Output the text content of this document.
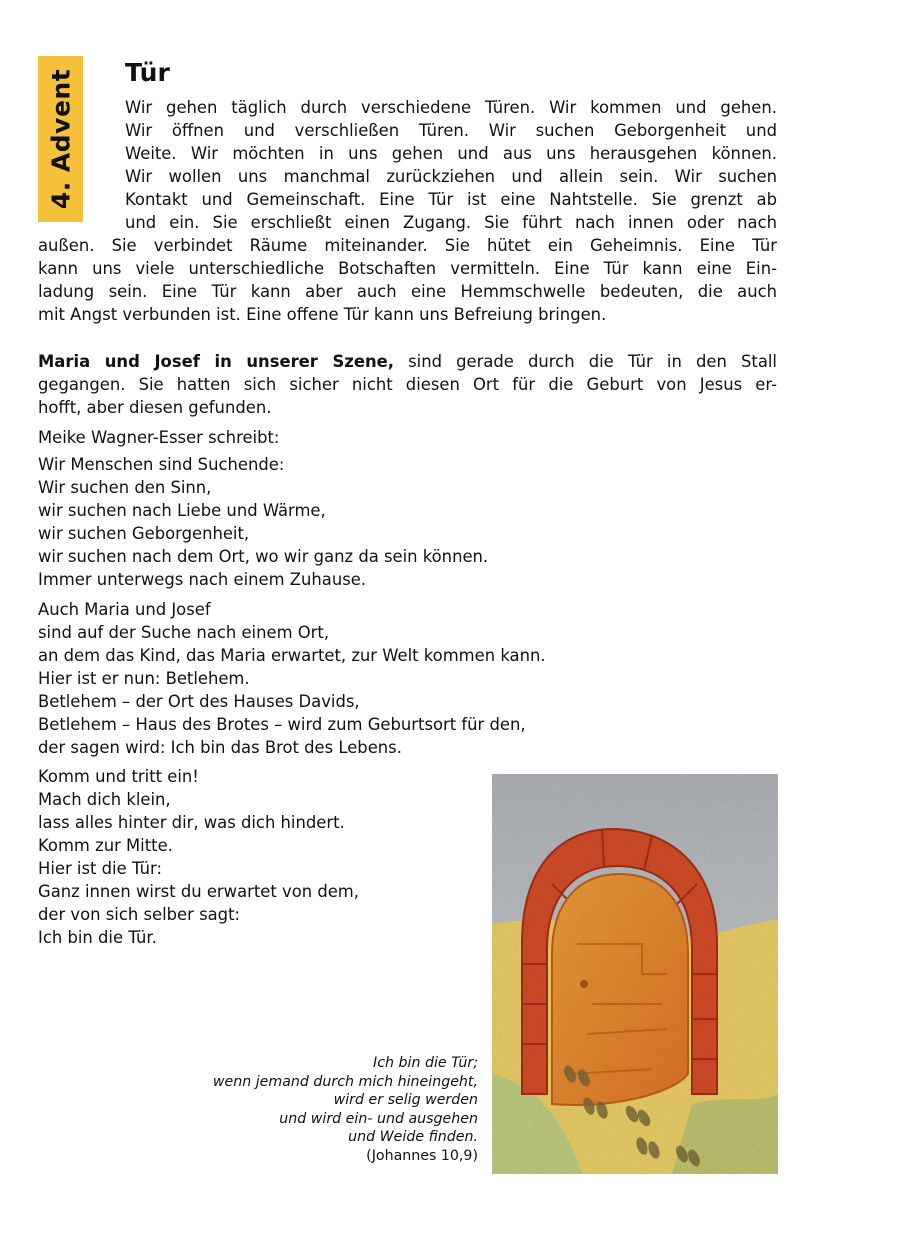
4. Advent Tür

Wir gehen täglich durch verschiedene Türen. Wir kommen und gehen.
Wir öffnen und verschließen Türen. Wir suchen Geborgenheit und
Weite. Wir möchten in uns gehen und aus uns herausgehen können.
Wir wollen uns manchmal zurückziehen und allein sein. Wir suchen
Kontakt und Gemeinschaft. Eine Tür ist eine Nahtstelle. Sie grenzt ab
und ein. Sie erschließt einen Zugang. Sie führt nach innen oder nach
außen. Sie verbindet Räume miteinander. Sie hütet ein Geheimnis. Eine Tür
kann uns viele unterschiedliche Botschaften vermitteln. Eine Tür kann eine Ein-
ladung sein. Eine Tür kann aber auch eine Hemmschwelle bedeuten, die auch
mit Angst verbunden ist. Eine offene Tür kann uns Befreiung bringen.

Maria und Josef in unserer Szene, sind gerade durch die Tür in den Stall
gegangen. Sie hatten sich sicher nicht diesen Ort für die Geburt von Jesus er-
hofft, aber diesen gefunden.

Meike Wagner-Esser schreibt:

Wir Menschen sind Suchende:
Wir suchen den Sinn,
wir suchen nach Liebe und Wärme,
wir suchen Geborgenheit,
wir suchen nach dem Ort, wo wir ganz da sein können.
Immer unterwegs nach einem Zuhause.

Auch Maria und Josef
sind auf der Suche nach einem Ort,
an dem das Kind, das Maria erwartet, zur Welt kommen kann.
Hier ist er nun: Betlehem.
Betlehem – der Ort des Hauses Davids,
Betlehem – Haus des Brotes – wird zum Geburtsort für den,
der sagen wird: Ich bin das Brot des Lebens.

Komm und tritt ein!
Mach dich klein,
lass alles hinter dir, was dich hindert.
Komm zur Mitte.
Hier ist die Tür:
Ganz innen wirst du erwartet von dem,
der von sich selber sagt:
Ich bin die Tür.

Ich bin die Tür;
wenn jemand durch mich hineingeht,
wird er selig werden
und wird ein- und ausgehen
und Weide finden.
(Johannes 10,9)
